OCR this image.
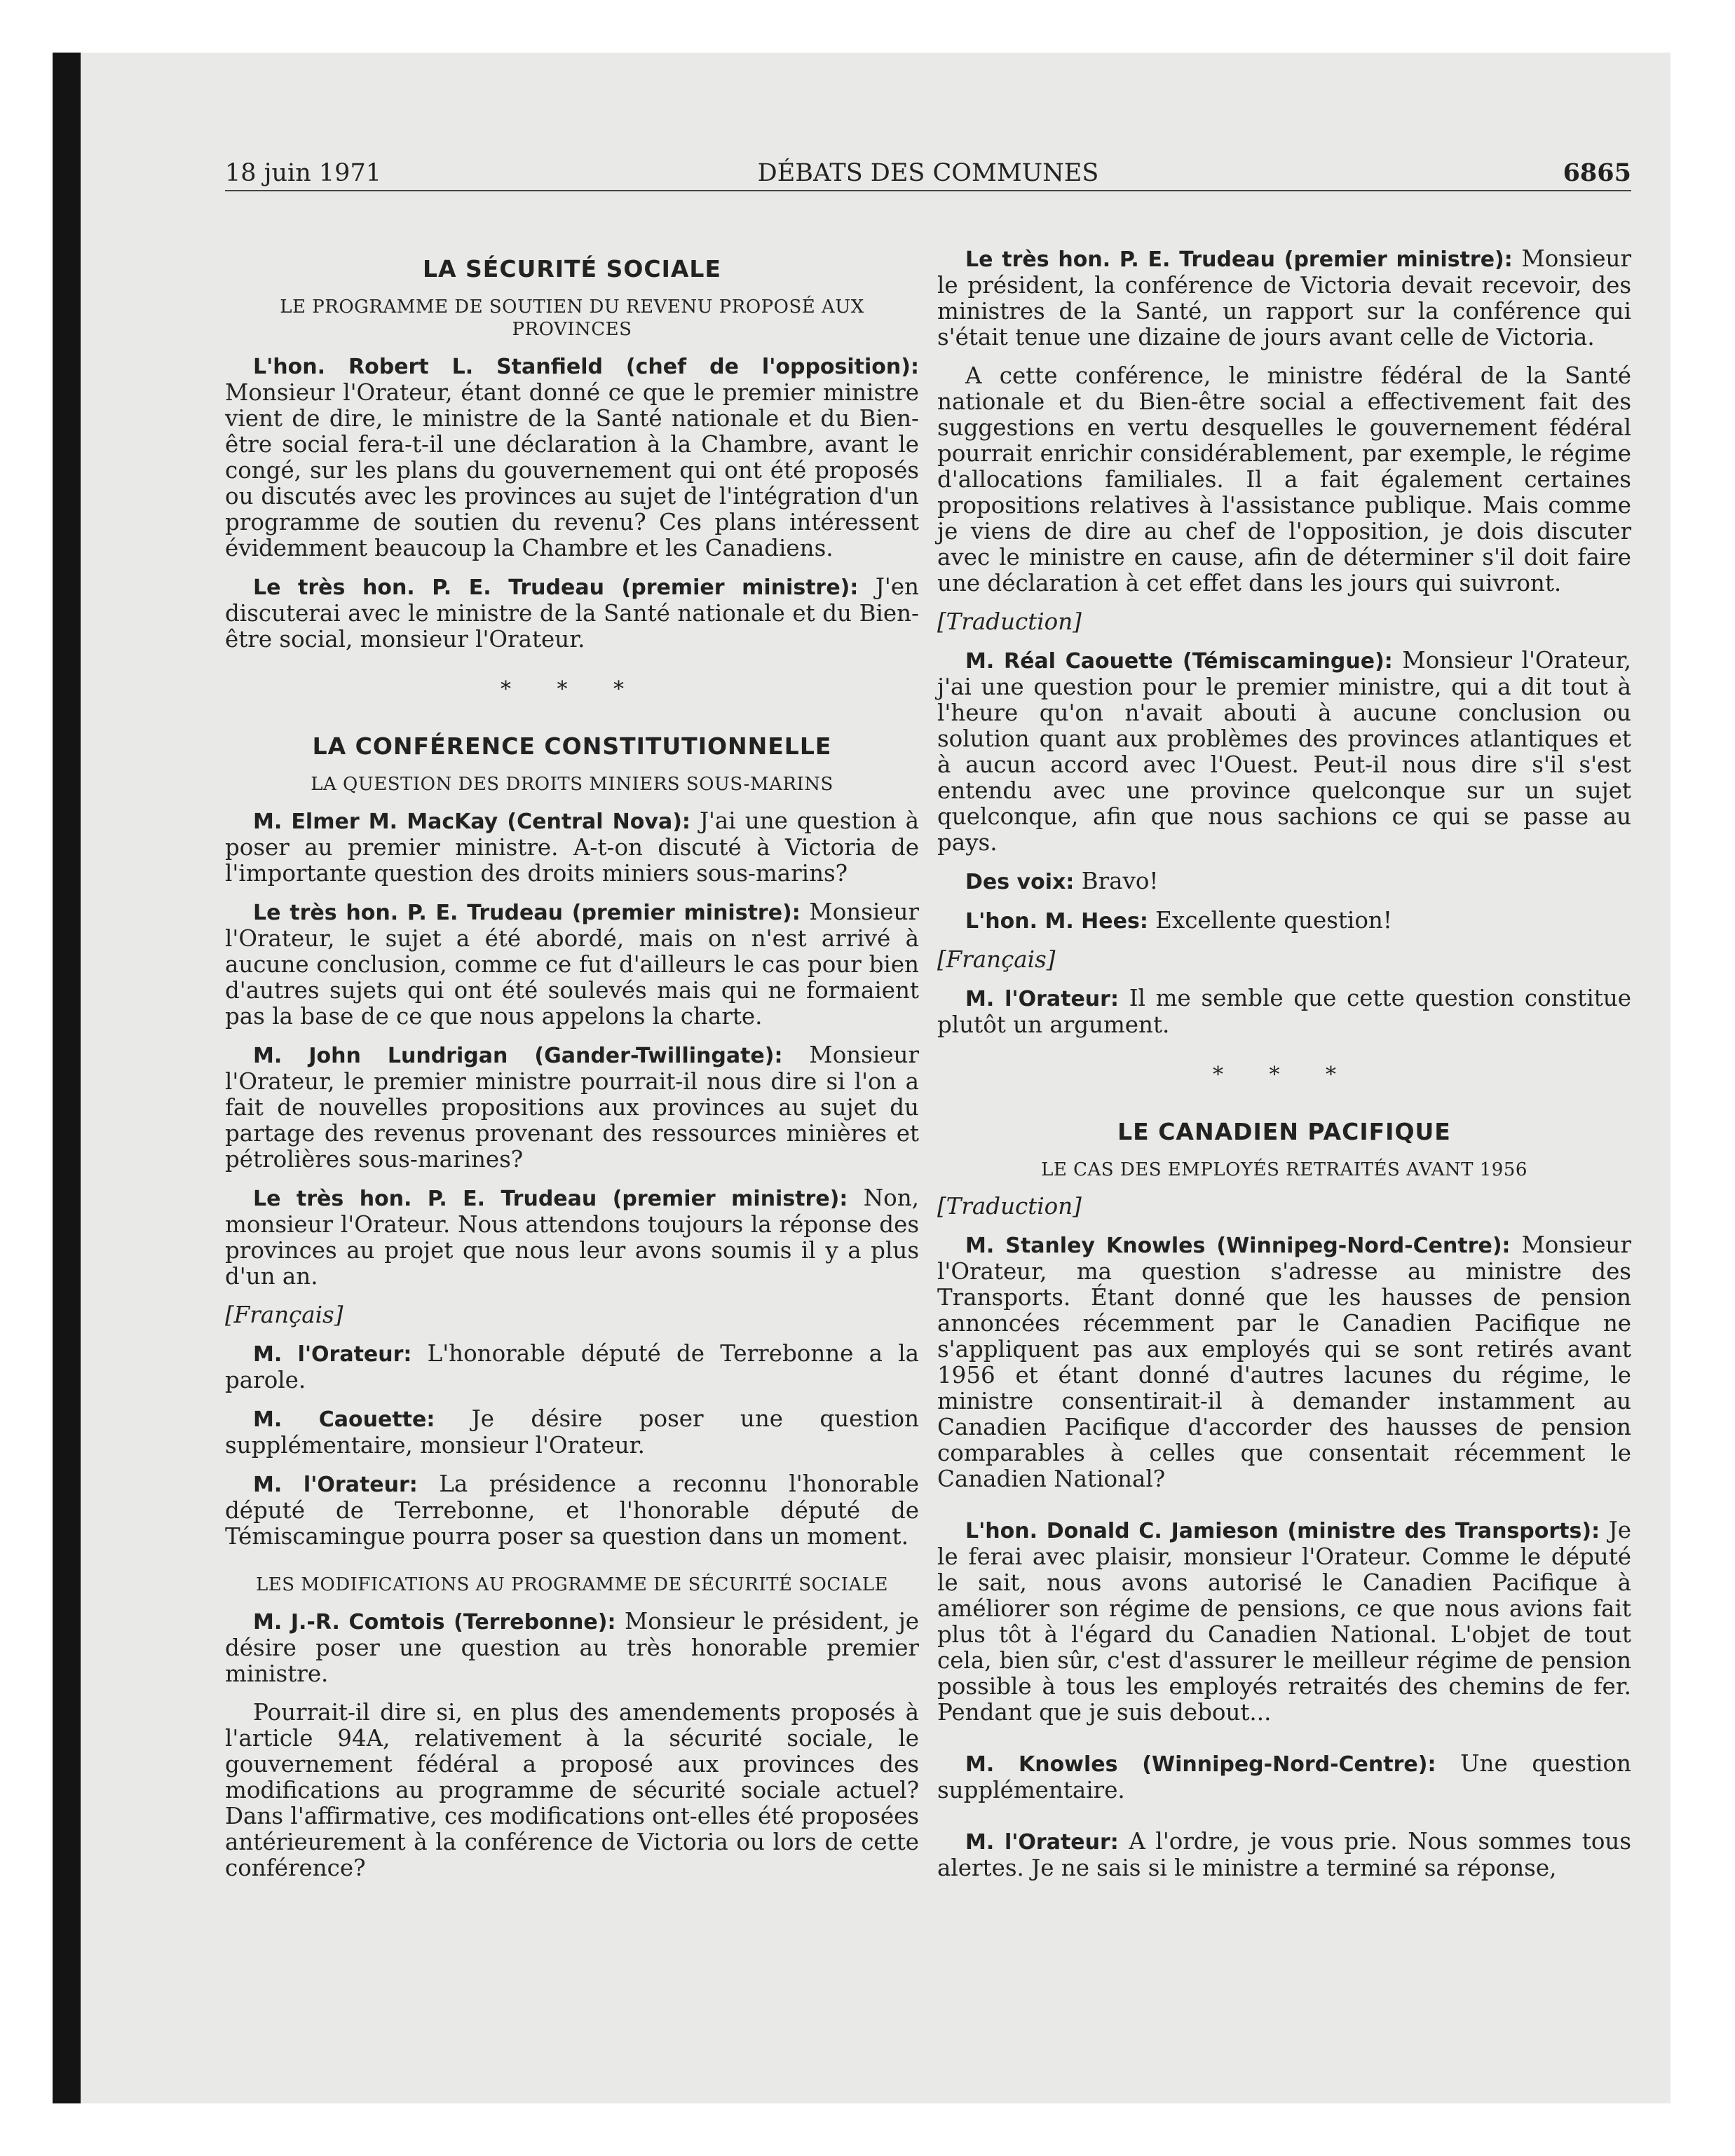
18 juin 1971	DÉBATS DES COMMUNES	6865
LA SÉCURITÉ SOCIALE
LE PROGRAMME DE SOUTIEN DU REVENU PROPOSÉ AUX PROVINCES

L'hon. Robert L. Stanfield (chef de l'opposition): Monsieur l'Orateur, étant donné ce que le premier ministre vient de dire, le ministre de la Santé nationale et du Bien-être social fera-t-il une déclaration à la Chambre, avant le congé, sur les plans du gouvernement qui ont été proposés ou discutés avec les provinces au sujet de l'intégration d'un programme de soutien du revenu? Ces plans intéressent évidemment beaucoup la Chambre et les Canadiens.

Le très hon. P. E. Trudeau (premier ministre): J'en discuterai avec le ministre de la Santé nationale et du Bien-être social, monsieur l'Orateur.

* * *
LA CONFÉRENCE CONSTITUTIONNELLE
LA QUESTION DES DROITS MINIERS SOUS-MARINS

M. Elmer M. MacKay (Central Nova): J'ai une question à poser au premier ministre. A-t-on discuté à Victoria de l'importante question des droits miniers sous-marins?

Le très hon. P. E. Trudeau (premier ministre): Monsieur l'Orateur, le sujet a été abordé, mais on n'est arrivé à aucune conclusion, comme ce fut d'ailleurs le cas pour bien d'autres sujets qui ont été soulevés mais qui ne formaient pas la base de ce que nous appelons la charte.

M. John Lundrigan (Gander-Twillingate): Monsieur l'Orateur, le premier ministre pourrait-il nous dire si l'on a fait de nouvelles propositions aux provinces au sujet du partage des revenus provenant des ressources minières et pétrolières sous-marines?

Le très hon. P. E. Trudeau (premier ministre): Non, monsieur l'Orateur. Nous attendons toujours la réponse des provinces au projet que nous leur avons soumis il y a plus d'un an.

[Français]

M. l'Orateur: L'honorable député de Terrebonne a la parole.

M. Caouette: Je désire poser une question supplémentaire, monsieur l'Orateur.

M. l'Orateur: La présidence a reconnu l'honorable député de Terrebonne, et l'honorable député de Témiscamingue pourra poser sa question dans un moment.

LES MODIFICATIONS AU PROGRAMME DE SÉCURITÉ SOCIALE

M. J.-R. Comtois (Terrebonne): Monsieur le président, je désire poser une question au très honorable premier ministre.

Pourrait-il dire si, en plus des amendements proposés à l'article 94A, relativement à la sécurité sociale, le gouvernement fédéral a proposé aux provinces des modifications au programme de sécurité sociale actuel? Dans l'affirmative, ces modifications ont-elles été proposées antérieurement à la conférence de Victoria ou lors de cette conférence?

Le très hon. P. E. Trudeau (premier ministre): Monsieur le président, la conférence de Victoria devait recevoir, des ministres de la Santé, un rapport sur la conférence qui s'était tenue une dizaine de jours avant celle de Victoria.

A cette conférence, le ministre fédéral de la Santé nationale et du Bien-être social a effectivement fait des suggestions en vertu desquelles le gouvernement fédéral pourrait enrichir considérablement, par exemple, le régime d'allocations familiales. Il a fait également certaines propositions relatives à l'assistance publique. Mais comme je viens de dire au chef de l'opposition, je dois discuter avec le ministre en cause, afin de déterminer s'il doit faire une déclaration à cet effet dans les jours qui suivront.

[Traduction]

M. Réal Caouette (Témiscamingue): Monsieur l'Orateur, j'ai une question pour le premier ministre, qui a dit tout à l'heure qu'on n'avait abouti à aucune conclusion ou solution quant aux problèmes des provinces atlantiques et à aucun accord avec l'Ouest. Peut-il nous dire s'il s'est entendu avec une province quelconque sur un sujet quelconque, afin que nous sachions ce qui se passe au pays.

Des voix: Bravo!

L'hon. M. Hees: Excellente question!

[Français]

M. l'Orateur: Il me semble que cette question constitue plutôt un argument.

* * *
LE CANADIEN PACIFIQUE
LE CAS DES EMPLOYÉS RETRAITÉS AVANT 1956

[Traduction]

M. Stanley Knowles (Winnipeg-Nord-Centre): Monsieur l'Orateur, ma question s'adresse au ministre des Transports. Étant donné que les hausses de pension annoncées récemment par le Canadien Pacifique ne s'appliquent pas aux employés qui se sont retirés avant 1956 et étant donné d'autres lacunes du régime, le ministre consentirait-il à demander instamment au Canadien Pacifique d'accorder des hausses de pension comparables à celles que consentait récemment le Canadien National?

L'hon. Donald C. Jamieson (ministre des Transports): Je le ferai avec plaisir, monsieur l'Orateur. Comme le député le sait, nous avons autorisé le Canadien Pacifique à améliorer son régime de pensions, ce que nous avions fait plus tôt à l'égard du Canadien National. L'objet de tout cela, bien sûr, c'est d'assurer le meilleur régime de pension possible à tous les employés retraités des chemins de fer. Pendant que je suis debout...

M. Knowles (Winnipeg-Nord-Centre): Une question supplémentaire.

M. l'Orateur: A l'ordre, je vous prie. Nous sommes tous alertes. Je ne sais si le ministre a terminé sa réponse,
